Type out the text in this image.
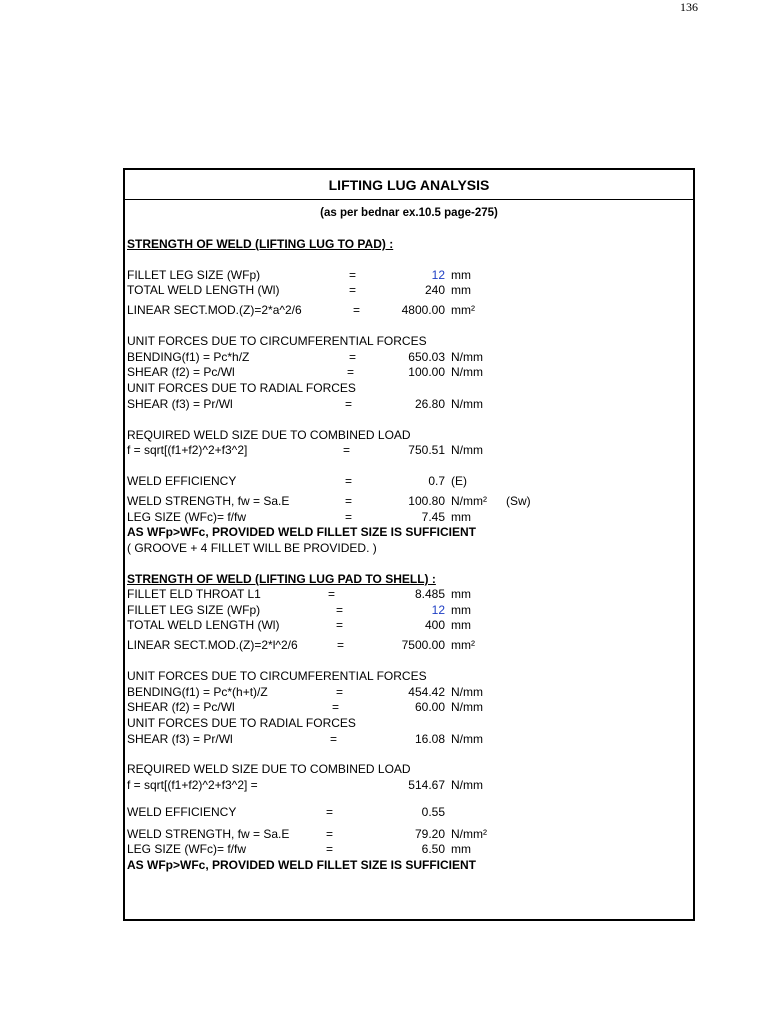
136
LIFTING LUG ANALYSIS
(as per bednar ex.10.5 page-275)
STRENGTH OF WELD (LIFTING LUG TO PAD) :
FILLET LEG SIZE (WFp)	=	12 mm
TOTAL WELD LENGTH (Wl)	=	240 mm
LINEAR SECT.MOD.(Z)=2*a^2/6	=	4800.00 mm²
UNIT FORCES DUE TO CIRCUMFERENTIAL FORCES
BENDING(f1) = Pc*h/Z	=	650.03 N/mm
SHEAR (f2) = Pc/Wl	=	100.00 N/mm
UNIT FORCES DUE TO RADIAL FORCES
SHEAR (f3) = Pr/Wl	=	26.80 N/mm
REQUIRED WELD SIZE DUE TO COMBINED LOAD
f = sqrt[(f1+f2)^2+f3^2]	=	750.51 N/mm
WELD EFFICIENCY	=	0.7 (E)
WELD STRENGTH, fw = Sa.E	=	100.80 N/mm² (Sw)
LEG SIZE (WFc)= f/fw	=	7.45 mm
AS WFp>WFc, PROVIDED WELD FILLET SIZE IS SUFFICIENT
( GROOVE + 4 FILLET WILL BE PROVIDED. )
STRENGTH OF WELD (LIFTING LUG PAD TO SHELL) :
FILLET ELD THROAT L1	=	8.485 mm
FILLET LEG SIZE (WFp)	=	12 mm
TOTAL WELD LENGTH (Wl)	=	400 mm
LINEAR SECT.MOD.(Z)=2*l^2/6	=	7500.00 mm²
UNIT FORCES DUE TO CIRCUMFERENTIAL FORCES
BENDING(f1) = Pc*(h+t)/Z	=	454.42 N/mm
SHEAR (f2) = Pc/Wl	=	60.00 N/mm
UNIT FORCES DUE TO RADIAL FORCES
SHEAR (f3) = Pr/Wl	=	16.08 N/mm
REQUIRED WELD SIZE DUE TO COMBINED LOAD
f = sqrt[(f1+f2)^2+f3^2] =	514.67 N/mm
WELD EFFICIENCY	=	0.55
WELD STRENGTH, fw = Sa.E	=	79.20 N/mm²
LEG SIZE (WFc)= f/fw	=	6.50 mm
AS WFp>WFc, PROVIDED WELD FILLET SIZE IS SUFFICIENT
